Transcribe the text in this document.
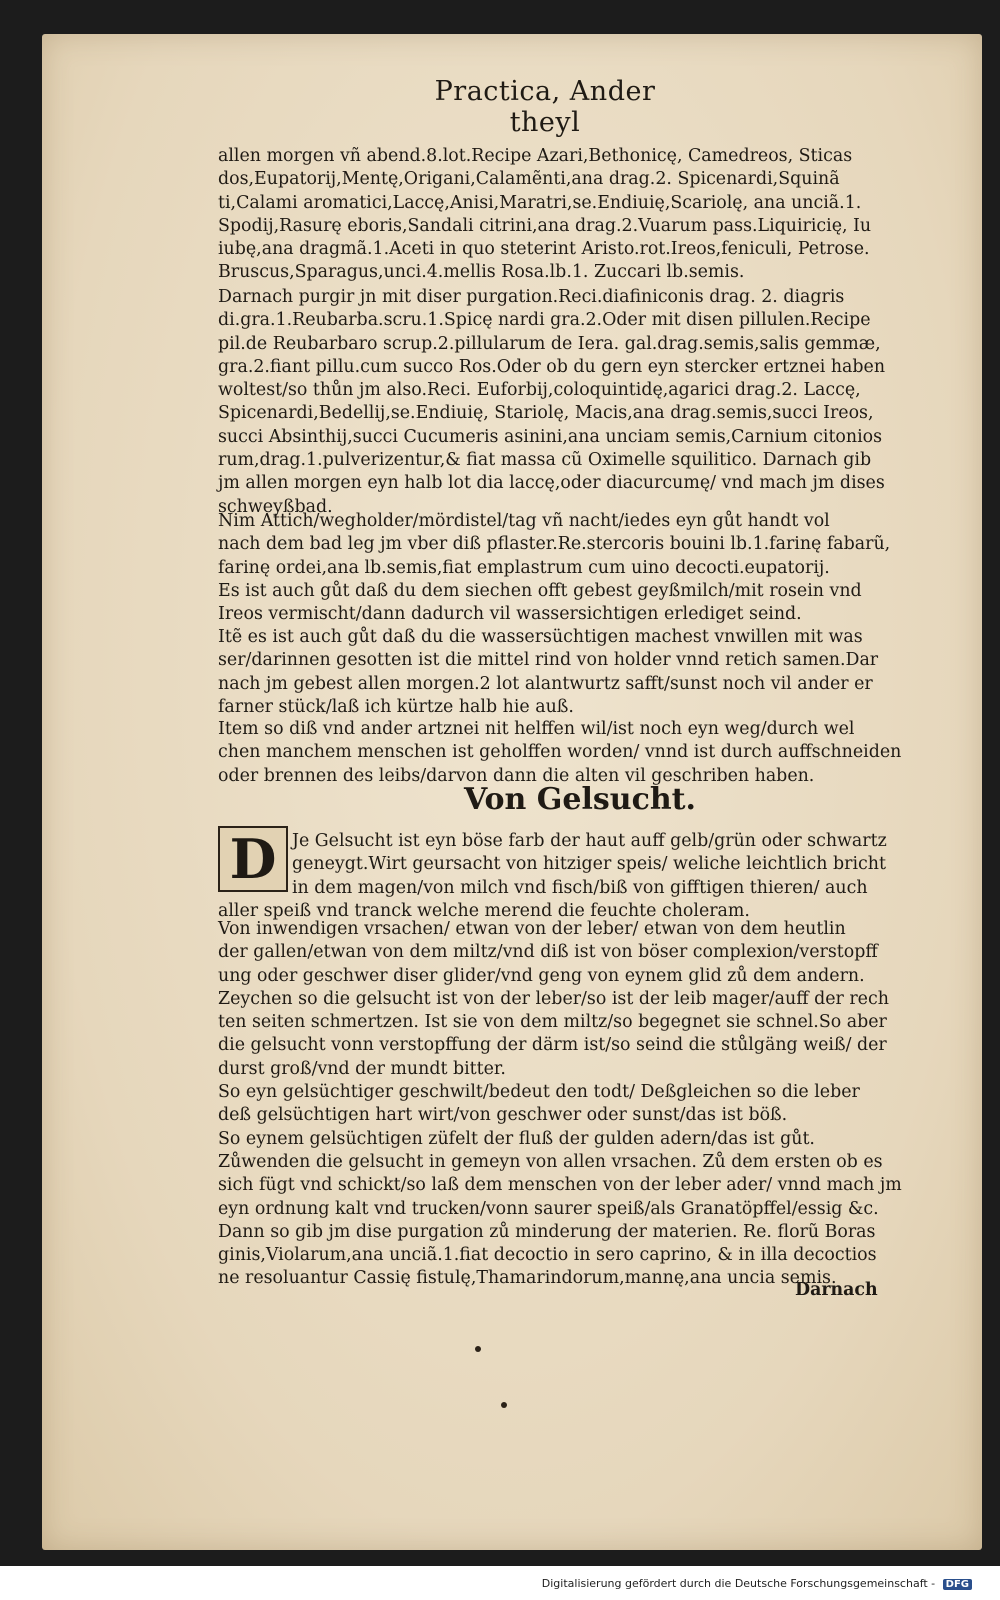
Practica, Ander theyl
allen morgen vñ abend.8.lot.Recipe Azari,Bethonicę, Camedreos, Sticas
dos,Eupatorij,Mentę,Origani,Calamẽnti,ana drag.2. Spicenardi,Squinã
ti,Calami aromatici,Laccę,Anisi,Maratri,se.Endiuię,Scariolę, ana unciã.1.
Spodij,Rasurę eboris,Sandali citrini,ana drag.2.Vuarum pass.Liquiricię, Iu
iubę,ana dragmã.1.Aceti in quo steterint Aristo.rot.Ireos,feniculi, Petrose.
Bruscus,Sparagus,unci.4.mellis Rosa.lb.1. Zuccari lb.semis.
Darnach purgir jn mit diser purgation.Reci.diafiniconis drag. 2. diagris
di.gra.1.Reubarba.scru.1.Spicę nardi gra.2.Oder mit disen pillulen.Recipe
pil.de Reubarbaro scrup.2.pillularum de Iera. gal.drag.semis,salis gemmæ,
gra.2.fiant pillu.cum succo Ros.Oder ob du gern eyn stercker ertznei haben
woltest/so thůn jm also.Reci. Euforbij,coloquintidę,agarici drag.2. Laccę,
Spicenardi,Bedellij,se.Endiuię, Stariolę, Macis,ana drag.semis,succi Ireos,
succi Absinthij,succi Cucumeris asinini,ana unciam semis,Carnium citonios
rum,drag.1.pulverizentur,& fiat massa cũ Oximelle squilitico. Darnach gib
jm allen morgen eyn halb lot dia laccę,oder diacurcumę/ vnd mach jm dises
schweyßbad.
Nim Attich/wegholder/mördistel/tag vñ nacht/iedes eyn gůt handt vol
nach dem bad leg jm vber diß pflaster.Re.stercoris bouini lb.1.farinę fabarũ,
farinę ordei,ana lb.semis,fiat emplastrum cum uino decocti.eupatorij.
Es ist auch gůt daß du dem siechen offt gebest geyßmilch/mit rosein vnd
Ireos vermischt/dann dadurch vil wassersichtigen erlediget seind.
Itẽ es ist auch gůt daß du die wassersüchtigen machest vnwillen mit was
ser/darinnen gesotten ist die mittel rind von holder vnnd retich samen.Dar
nach jm gebest allen morgen.2 lot alantwurtz safft/sunst noch vil ander er
farner stück/laß ich kürtze halb hie auß.
Item so diß vnd ander artznei nit helffen wil/ist noch eyn weg/durch wel
chen manchem menschen ist geholffen worden/ vnnd ist durch auffschneiden
oder brennen des leibs/darvon dann die alten vil geschriben haben.
Von Gelsucht.
D Je Gelsucht ist eyn böse farb der haut auff gelb/grün oder schwartz
geneygt.Wirt geursacht von hitziger speis/ weliche leichtlich bricht
in dem magen/von milch vnd fisch/biß von gifftigen thieren/ auch
aller speiß vnd tranck welche merend die feuchte choleram.
Von inwendigen vrsachen/ etwan von der leber/ etwan von dem heutlin
der gallen/etwan von dem miltz/vnd diß ist von böser complexion/verstopff
ung oder geschwer diser glider/vnd geng von eynem glid zů dem andern.
Zeychen so die gelsucht ist von der leber/so ist der leib mager/auff der rech
ten seiten schmertzen. Ist sie von dem miltz/so begegnet sie schnel.So aber
die gelsucht vonn verstopffung der därm ist/so seind die stůlgäng weiß/ der
durst groß/vnd der mundt bitter.
So eyn gelsüchtiger geschwilt/bedeut den todt/ Deßgleichen so die leber
deß gelsüchtigen hart wirt/von geschwer oder sunst/das ist böß.
So eynem gelsüchtigen züfelt der fluß der gulden adern/das ist gůt.
Zůwenden die gelsucht in gemeyn von allen vrsachen. Zů dem ersten ob es
sich fügt vnd schickt/so laß dem menschen von der leber ader/ vnnd mach jm
eyn ordnung kalt vnd trucken/vonn saurer speiß/als Granatöpffel/essig &c.
Dann so gib jm dise purgation zů minderung der materien. Re. florũ Boras
ginis,Violarum,ana unciã.1.fiat decoctio in sero caprino, & in illa decoctios
ne resoluantur Cassię fistulę,Thamarindorum,mannę,ana uncia semis.
Darnach
Digitalisierung gefördert durch die Deutsche Forschungsgemeinschaft - DFG
